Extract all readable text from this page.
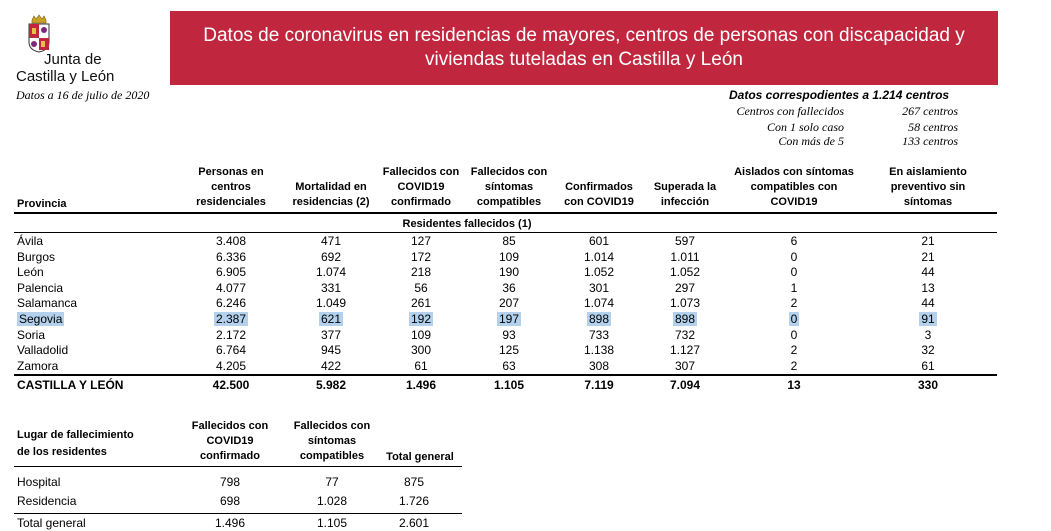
Junta de
Castilla y León
Datos a 16 de julio de 2020
Datos de coronavirus en residencias de mayores, centros de personas con discapacidad y
viviendas tuteladas en Castilla y León
Datos correspodientes a 1.214 centros
Centros con fallecidos	267 centros
Con 1 solo caso	58 centros
Con más de 5	133 centros
Provincia
Personas en
centros
residenciales
Mortalidad en
residencias (2)
Fallecidos con
COVID19
confirmado
Fallecidos con
síntomas
compatibles
Confirmados
con COVID19
Superada la
infección
Aislados con síntomas
compatibles con
COVID19
En aislamiento
preventivo sin
síntomas
Residentes fallecidos (1)
Ávila	3.408	471	127	85	601	597	6	21
Burgos	6.336	692	172	109	1.014	1.011	0	21
León	6.905	1.074	218	190	1.052	1.052	0	44
Palencia	4.077	331	56	36	301	297	1	13
Salamanca	6.246	1.049	261	207	1.074	1.073	2	44
Segovia	2.387	621	192	197	898	898	0	91
Soria	2.172	377	109	93	733	732	0	3
Valladolid	6.764	945	300	125	1.138	1.127	2	32
Zamora	4.205	422	61	63	308	307	2	61
CASTILLA Y LEÓN	42.500	5.982	1.496	1.105	7.119	7.094	13	330
Lugar de fallecimiento
de los residentes
Fallecidos con
COVID19
confirmado
Fallecidos con
síntomas
compatibles	Total general
Hospital	798	77	875
Residencia	698	1.028	1.726
Total general	1.496	1.105	2.601
